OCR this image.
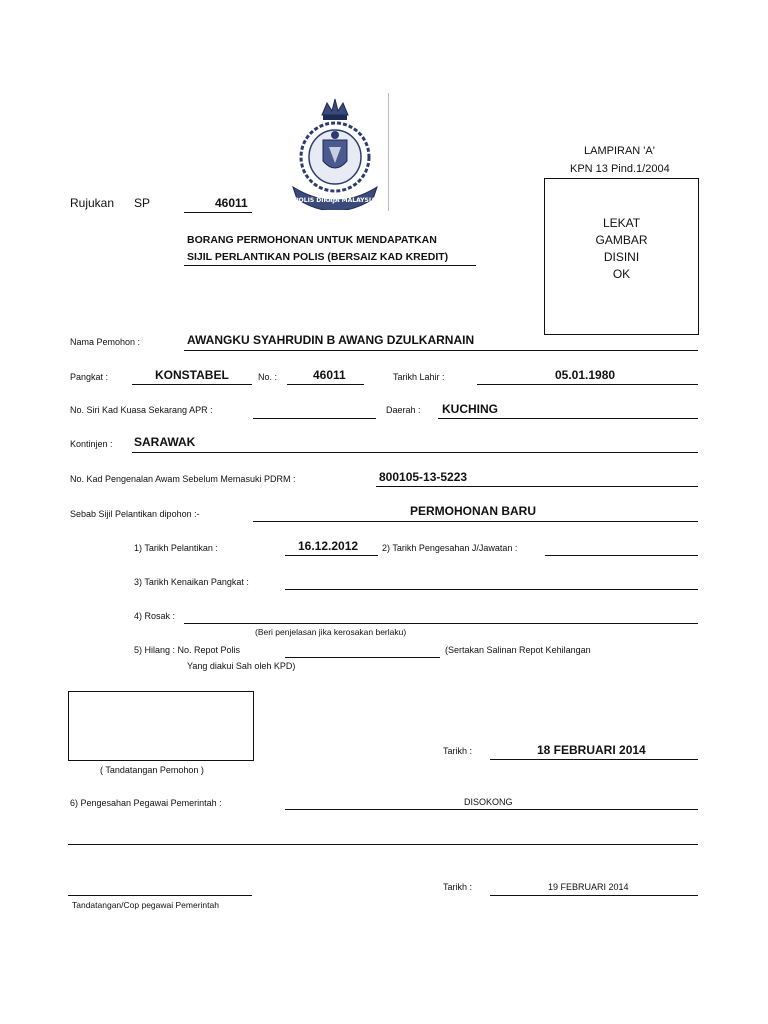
POLIS DIRAJA MALAYSIA
LAMPIRAN 'A'
KPN 13 Pind.1/2004
Rujukan SP	46011
LEKAT
GAMBAR
DISINI
OK
BORANG PERMOHONAN UNTUK MENDAPATKAN
SIJIL PERLANTIKAN POLIS (BERSAIZ KAD KREDIT)
Nama Pemohon :	AWANGKU SYAHRUDIN B AWANG DZULKARNAIN
Pangkat :	KONSTABEL	No. :	46011	Tarikh Lahir :	05.01.1980
No. Siri Kad Kuasa Sekarang APR :	Daerah : KUCHING
Kontinjen : SARAWAK
No. Kad Pengenalan Awam Sebelum Memasuki PDRM :	800105-13-5223
Sebab Sijil Pelantikan dipohon :-	PERMOHONAN BARU
1) Tarikh Pelantikan :	16.12.2012	2) Tarikh Pengesahan J/Jawatan :
3) Tarikh Kenaikan Pangkat :
4) Rosak :
(Beri penjelasan jika kerosakan berlaku)
5) Hilang : No. Repot Polis	(Sertakan Salinan Repot Kehilangan
Yang diakui Sah oleh KPD)
( Tandatangan Pemohon )
Tarikh :	18 FEBRUARI 2014
6) Pengesahan Pegawai Pemerintah :	DISOKONG
Tarikh :	19 FEBRUARI 2014
Tandatangan/Cop pegawai Pemerintah
